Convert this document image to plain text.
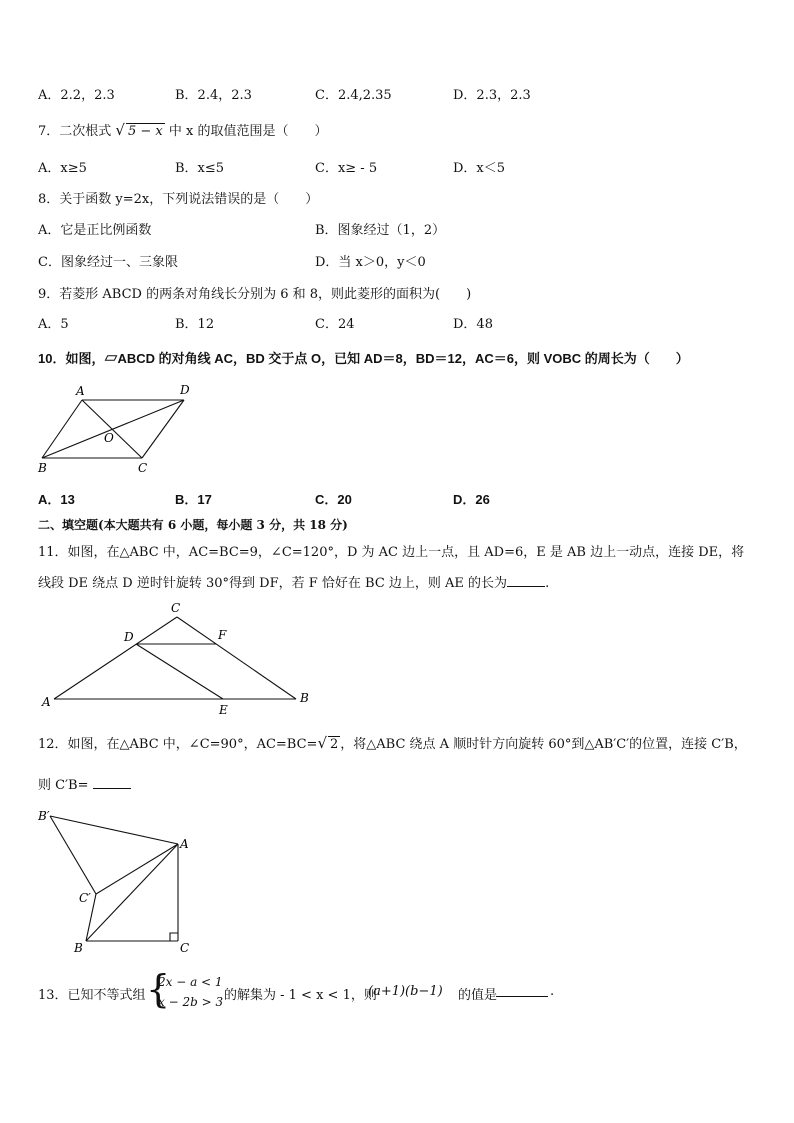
A．2.2，2.3	B．2.4，2.3	C．2.4,2.35	D．2.3，2.3
7．二次根式 √ 5 − x 中 x 的取值范围是（　　）
A．x≥5	B．x≤5	C．x≥ - 5	D．x＜5
8．关于函数 y=2x，下列说法错误的是（　　）
A．它是正比例函数	B．图象经过（1，2）
C．图象经过一、三象限	D．当 x＞0，y＜0
9．若菱形 ABCD 的两条对角线长分别为 6 和 8，则此菱形的面积为(　　)
A．5	B．12	C．24	D．48
10．如图，▱ABCD 的对角线 AC，BD 交于点 O，已知 AD＝8，BD＝12，AC＝6，则 VOBC 的周长为（　　）
A	D
O
B	C
A．13	B．17	C．20	D．26
二、填空题(本大题共有 6 小题，每小题 3 分，共 18 分)
11．如图，在△ABC 中，AC=BC=9，∠C=120°，D 为 AC 边上一点，且 AD=6，E 是 AB 边上一动点，连接 DE，将
线段 DE 绕点 D 逆时针旋转 30°得到 DF，若 F 恰好在 BC 边上，则 AE 的长为	.
C
D	F
A
E
B
12．如图，在△ABC 中，∠C=90°，AC=BC=√ 2 ，将△ABC 绕点 A 顺时针方向旋转 60°到△AB′C′的位置，连接 C′B，
则 C′B=
B′
A
C′
B	C
13．已知不等式组 {
2x − a < 1
x − 2b > 3 的解集为 - 1 < x < 1，则
(a+1)(b−1) 的值是	.
